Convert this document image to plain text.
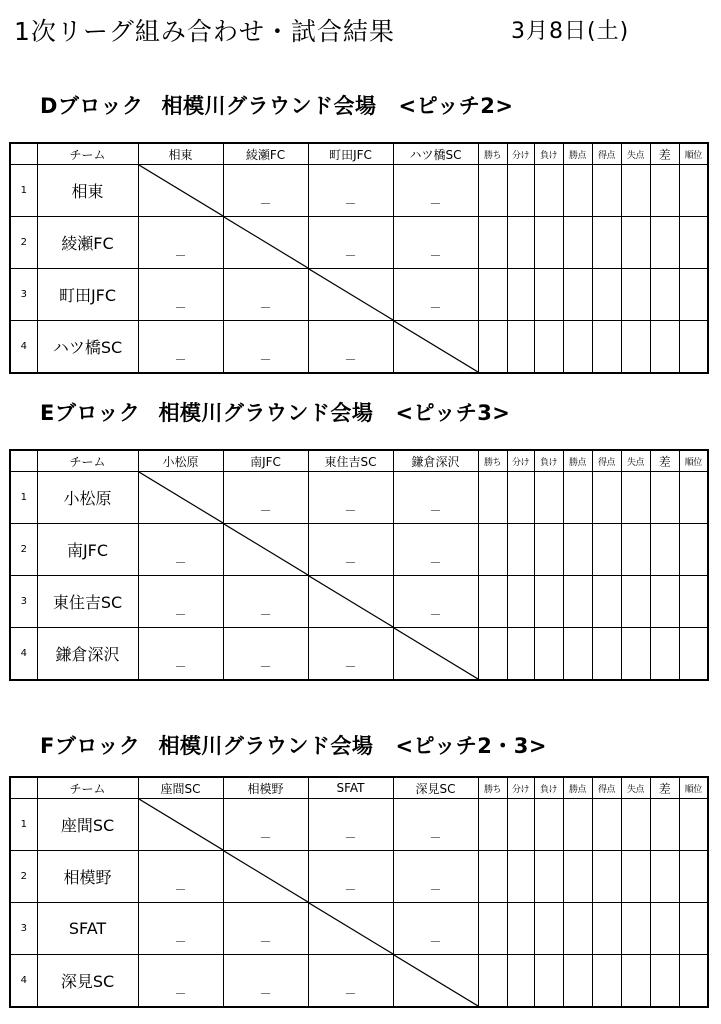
1次リーグ組み合わせ・試合結果	3月8日(土)
Dブロック 相模川グラウンド会場 <ピッチ2>
	チーム	相東	綾瀬FC	町田JFC	ハツ橋SC	勝ち	分け	負け	勝点	得点	失点	差	順位
1	相東		－	－	－								

2	綾瀬FC	－		－	－								

3	町田JFC	－	－		－								

4	ハツ橋SC	－	－	－

Eブロック 相模川グラウンド会場 <ピッチ3>
	チーム	小松原	南JFC	東住吉SC	鎌倉深沢	勝ち	分け	負け	勝点	得点	失点	差	順位
1	小松原		－	－	－								

2	南JFC	－		－	－								

3	東住吉SC	－	－		－								

4	鎌倉深沢	－	－	－

Fブロック 相模川グラウンド会場 <ピッチ2・3>
	チーム	座間SC	相模野	SFAT	深見SC	勝ち	分け	負け	勝点	得点	失点	差	順位
1	座間SC		－	－	－								

2	相模野	－		－	－								

3	SFAT	－	－		－								

4	深見SC	－	－	－
